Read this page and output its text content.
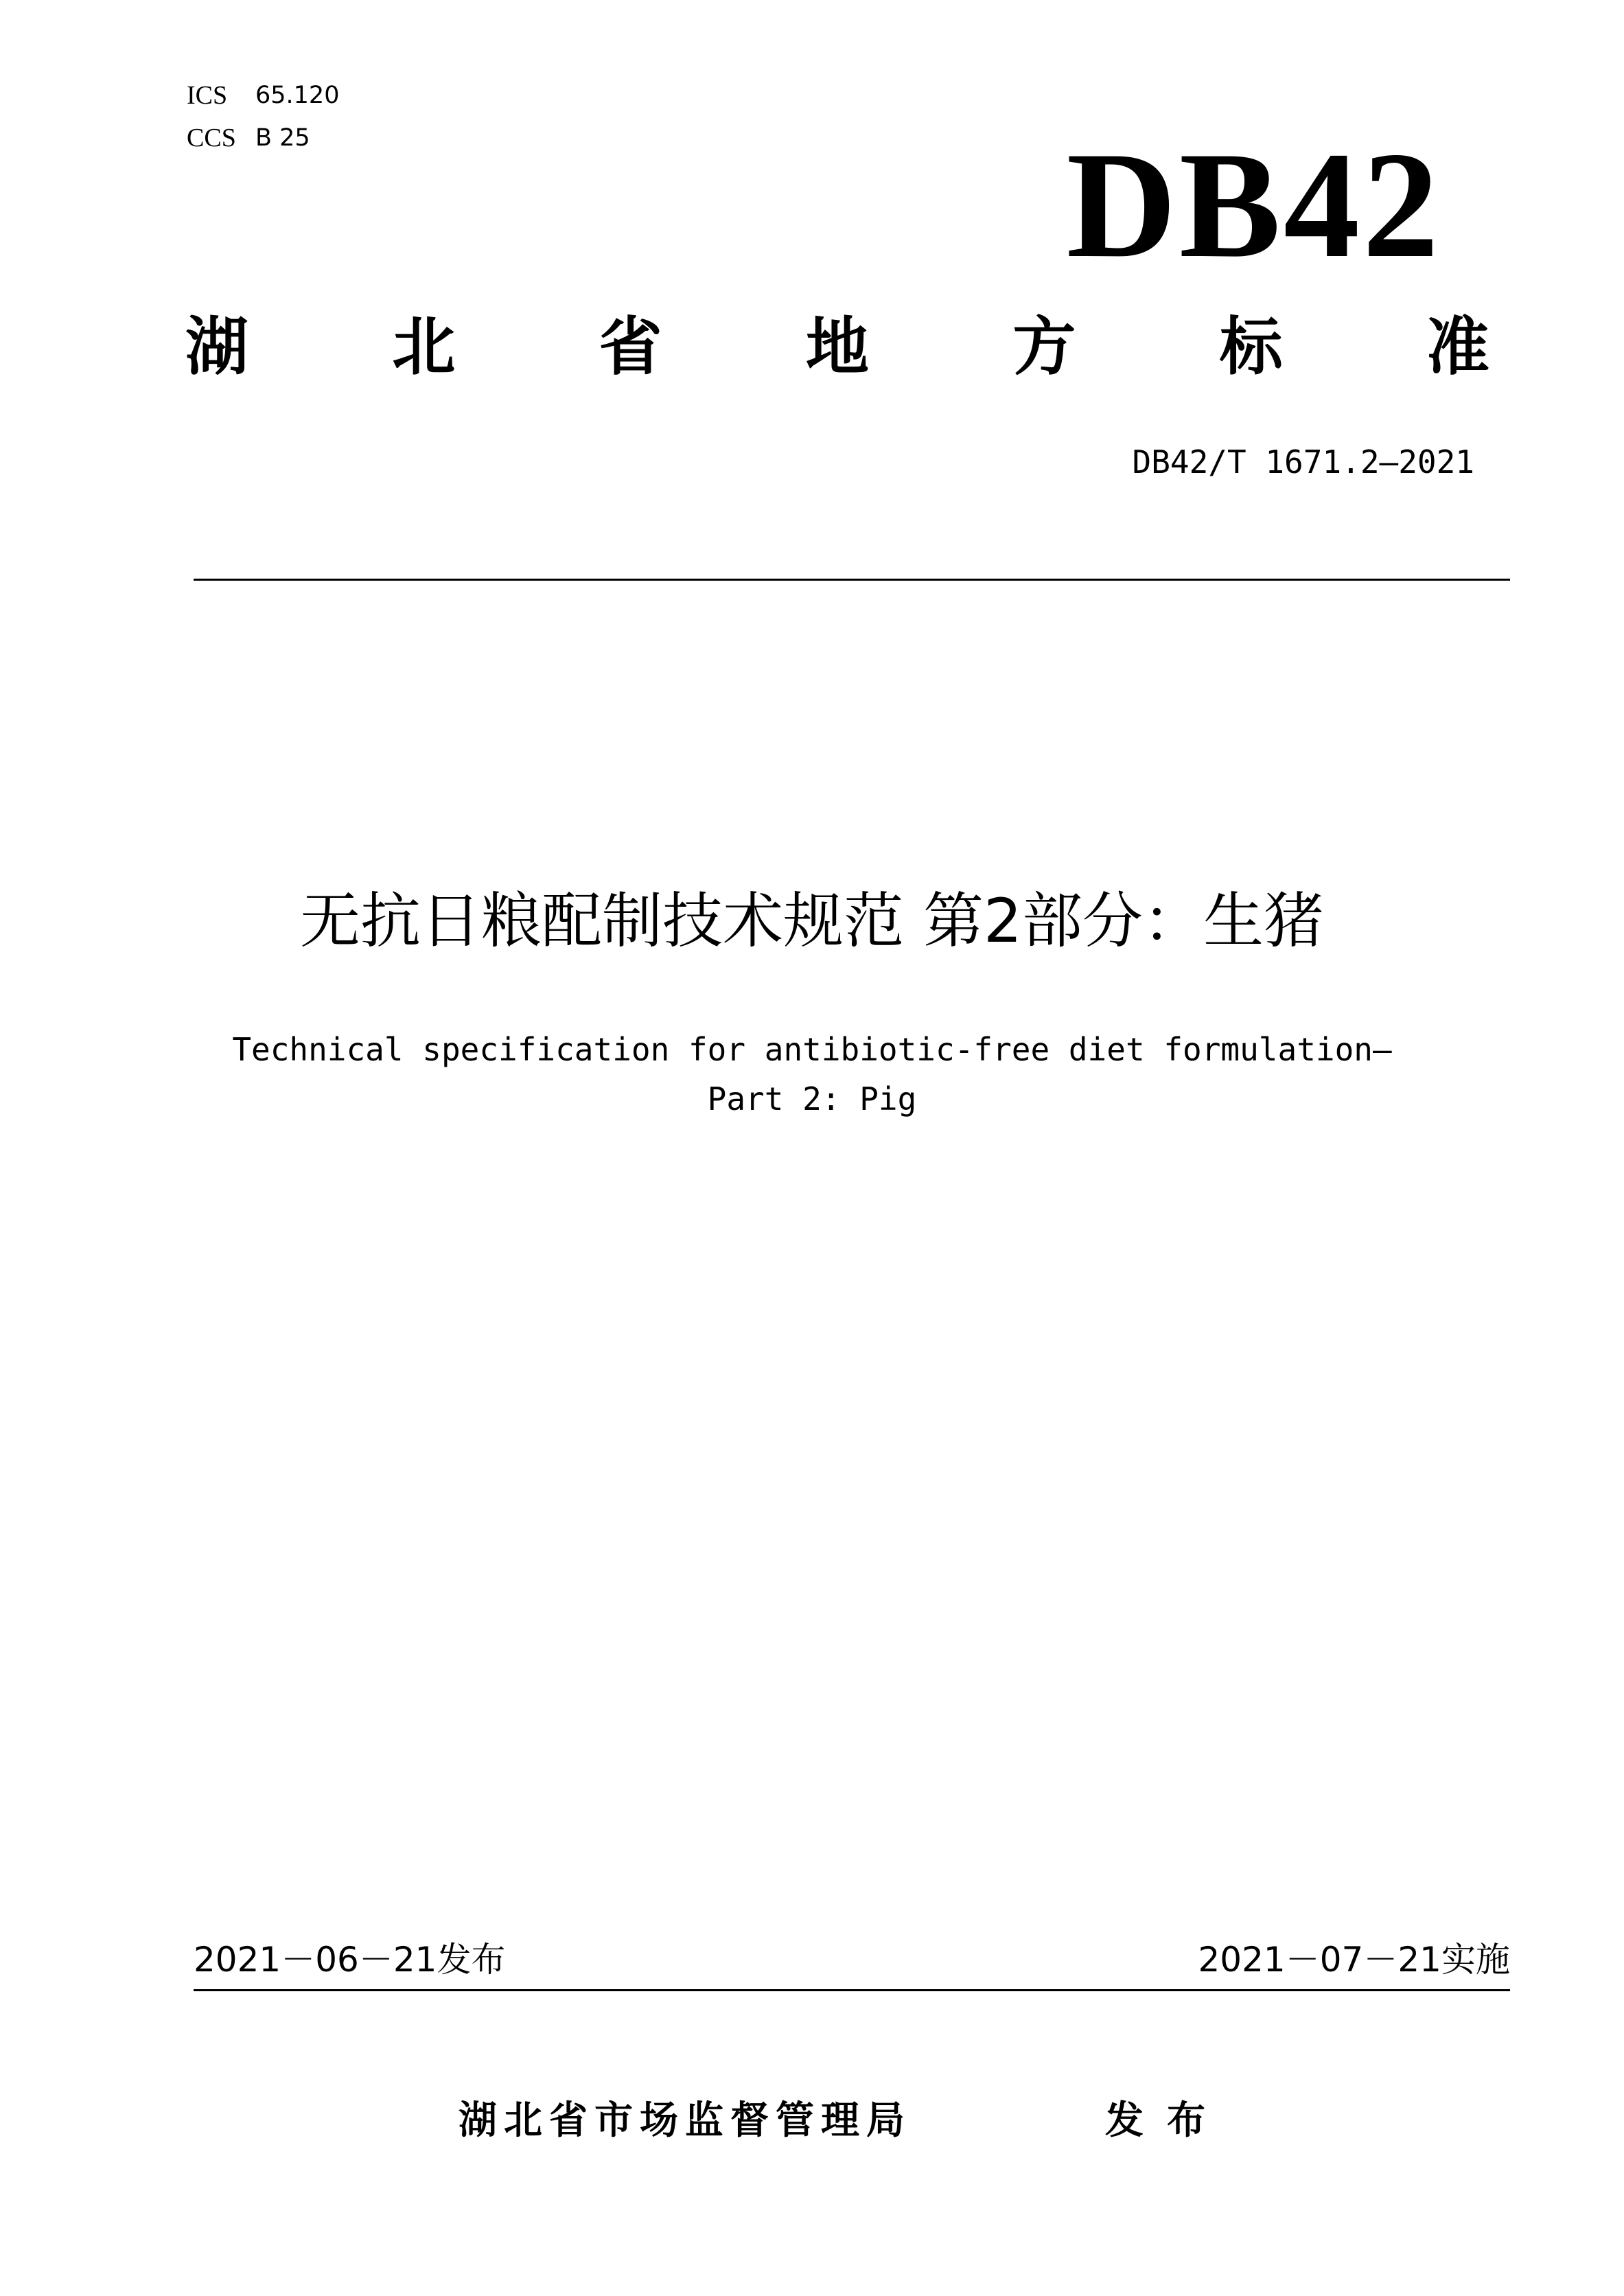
ICS	65.120
CCS B 25	DB42
湖 北 省 地 方 标 准
DB42/T 1671.2—2021
无抗日粮配制技术规范 第2部分：生猪
Technical specification for antibiotic-free diet formulation—
Part 2: Pig
2021－06－21发布	2021－07－21实施
湖北省市场监督管理局	发布
